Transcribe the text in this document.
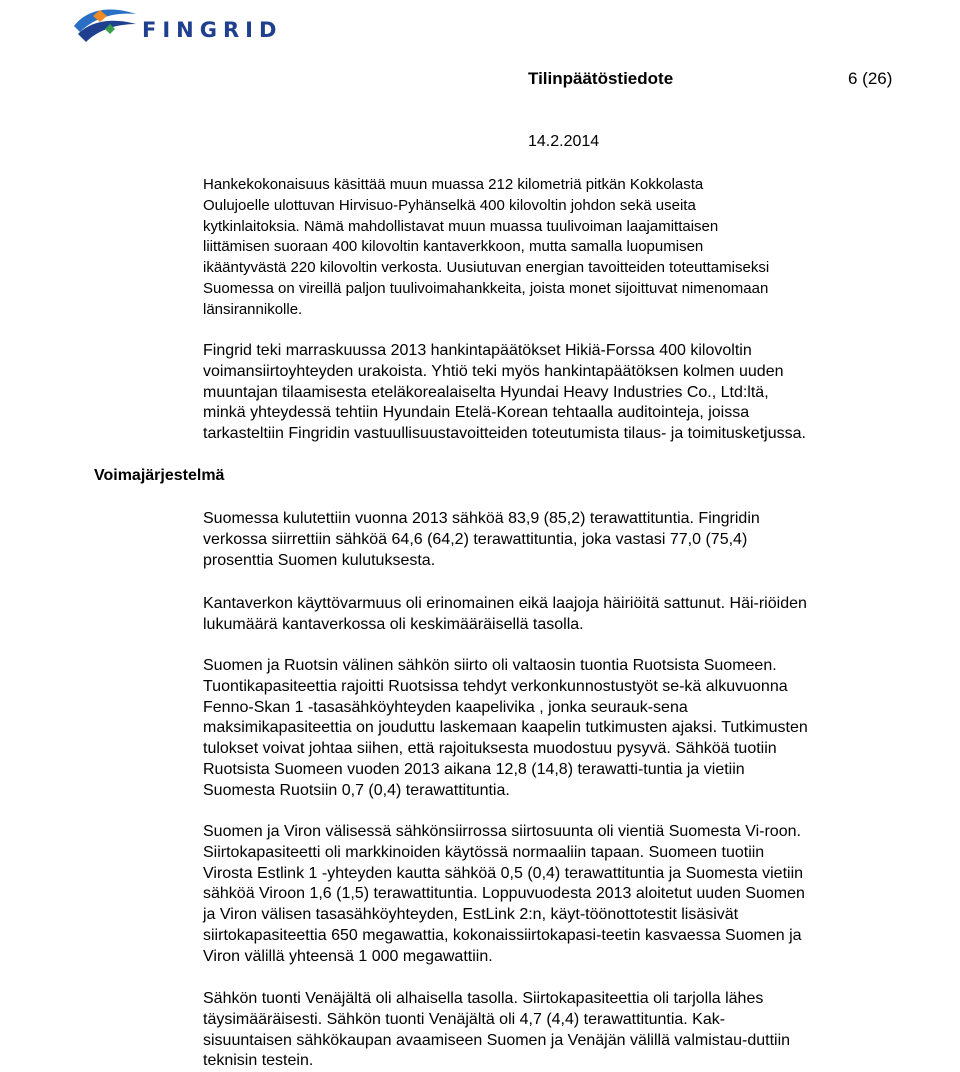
FINGRID
Tilinpäätöstiedote	6 (26)
14.2.2014

Hankekokonaisuus käsittää muun muassa 212 kilometriä pitkän Kokkolasta
Oulujoelle ulottuvan Hirvisuo-Pyhänselkä 400 kilovoltin johdon sekä useita
kytkinlaitoksia. Nämä mahdollistavat muun muassa tuulivoiman laajamittaisen
liittämisen suoraan 400 kilovoltin kantaverkkoon, mutta samalla luopumisen
ikääntyvästä 220 kilovoltin verkosta. Uusiutuvan energian tavoitteiden toteuttamiseksi
Suomessa on vireillä paljon tuulivoimahankkeita, joista monet sijoittuvat nimenomaan
länsirannikolle.

Fingrid teki marraskuussa 2013 hankintapäätökset Hikiä-Forssa 400 kilovoltin
voimansiirtoyhteyden urakoista. Yhtiö teki myös hankintapäätöksen kolmen uuden
muuntajan tilaamisesta eteläkorealaiselta Hyundai Heavy Industries Co., Ltd:ltä,
minkä yhteydessä tehtiin Hyundain Etelä-Korean tehtaalla auditointeja, joissa
tarkasteltiin Fingridin vastuullisuustavoitteiden toteutumista tilaus- ja toimitusketjussa.

Voimajärjestelmä

Suomessa kulutettiin vuonna 2013 sähköä 83,9 (85,2) terawattituntia. Fingridin
verkossa siirrettiin sähköä 64,6 (64,2) terawattituntia, joka vastasi 77,0 (75,4)
prosenttia Suomen kulutuksesta.

Kantaverkon käyttövarmuus oli erinomainen eikä laajoja häiriöitä sattunut. Häi-riöiden
lukumäärä kantaverkossa oli keskimääräisellä tasolla.

Suomen ja Ruotsin välinen sähkön siirto oli valtaosin tuontia Ruotsista Suomeen.
Tuontikapasiteettia rajoitti Ruotsissa tehdyt verkonkunnostustyöt se-kä alkuvuonna
Fenno-Skan 1 -tasasähköyhteyden kaapelivika , jonka seurauk-sena
maksimikapasiteettia on jouduttu laskemaan kaapelin tutkimusten ajaksi. Tutkimusten
tulokset voivat johtaa siihen, että rajoituksesta muodostuu pysyvä. Sähköä tuotiin
Ruotsista Suomeen vuoden 2013 aikana 12,8 (14,8) terawatti-tuntia ja vietiin
Suomesta Ruotsiin 0,7 (0,4) terawattituntia.

Suomen ja Viron välisessä sähkönsiirrossa siirtosuunta oli vientiä Suomesta Vi-roon.
Siirtokapasiteetti oli markkinoiden käytössä normaaliin tapaan. Suomeen tuotiin
Virosta Estlink 1 -yhteyden kautta sähköä 0,5 (0,4) terawattituntia ja Suomesta vietiin
sähköä Viroon 1,6 (1,5) terawattituntia. Loppuvuodesta 2013 aloitetut uuden Suomen
ja Viron välisen tasasähköyhteyden, EstLink 2:n, käyt-töönottotestit lisäsivät
siirtokapasiteettia 650 megawattia, kokonaissiirtokapasi-teetin kasvaessa Suomen ja
Viron välillä yhteensä 1 000 megawattiin.

Sähkön tuonti Venäjältä oli alhaisella tasolla. Siirtokapasiteettia oli tarjolla lähes
täysimääräisesti. Sähkön tuonti Venäjältä oli 4,7 (4,4) terawattituntia. Kak-
sisuuntaisen sähkökaupan avaamiseen Suomen ja Venäjän välillä valmistau-duttiin
teknisin testein.
